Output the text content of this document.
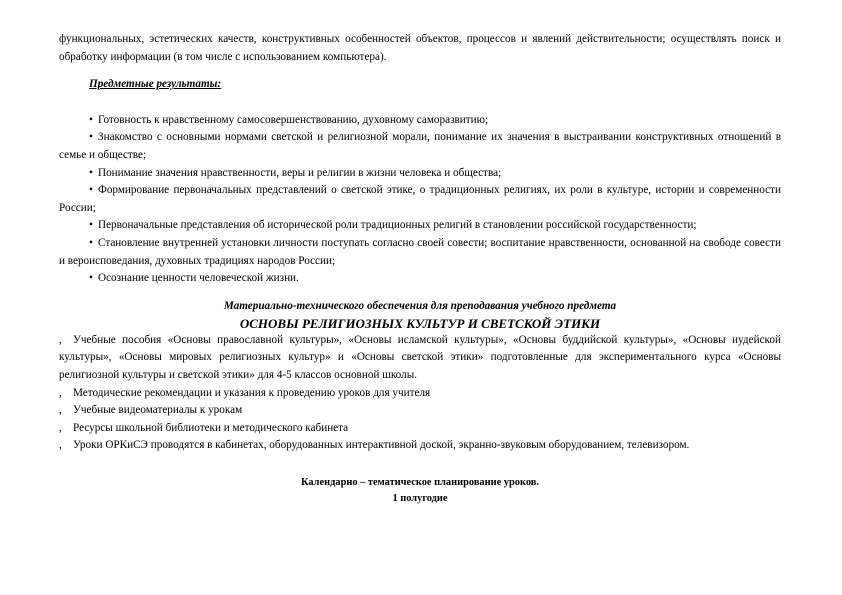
функциональных, эстетических качеств, конструктивных особенностей объектов, процессов и явлений действительности; осуществлять поиск и обработку информации (в том числе с использованием компьютера).

Предметные результаты:

• Готовность к нравственному самосовершенствованию, духовному саморазвитию;

• Знакомство с основными нормами светской и религиозной морали, понимание их значения в выстраивании конструктивных отношений в семье и обществе;

• Понимание значения нравственности, веры и религии в жизни человека и общества;

• Формирование первоначальных представлений о светской этике, о традиционных религиях, их роли в культуре, истории и современности России;

• Первоначальные представления об исторической роли традиционных религий в становлении российской государственности;

• Становление внутренней установки личности поступать согласно своей совести; воспитание нравственности, основанной на свободе совести и вероисповедания, духовных традициях народов России;

• Осознание ценности человеческой жизни.

Материально-технического обеспечения для преподавания учебного предмета
ОСНОВЫ РЕЛИГИОЗНЫХ КУЛЬТУР И СВЕТСКОЙ ЭТИКИ

, Учебные пособия «Основы православной культуры», «Основы исламской культуры», «Основы буддийской культуры», «Основы иудейской культуры», «Основы мировых религиозных культур» и «Основы светской этики» подготовленные для экспериментального курса «Основы религиозной культуры и светской этики» для 4-5 классов основной школы.

, Методические рекомендации и указания к проведению уроков для учителя

, Учебные видеоматериалы к урокам

, Ресурсы школьной библиотеки и методического кабинета

, Уроки ОРКиСЭ проводятся в кабинетах, оборудованных интерактивной доской, экранно-звуковым оборудованием, телевизором.

Календарно – тематическое планирование уроков.
1 полугодие
